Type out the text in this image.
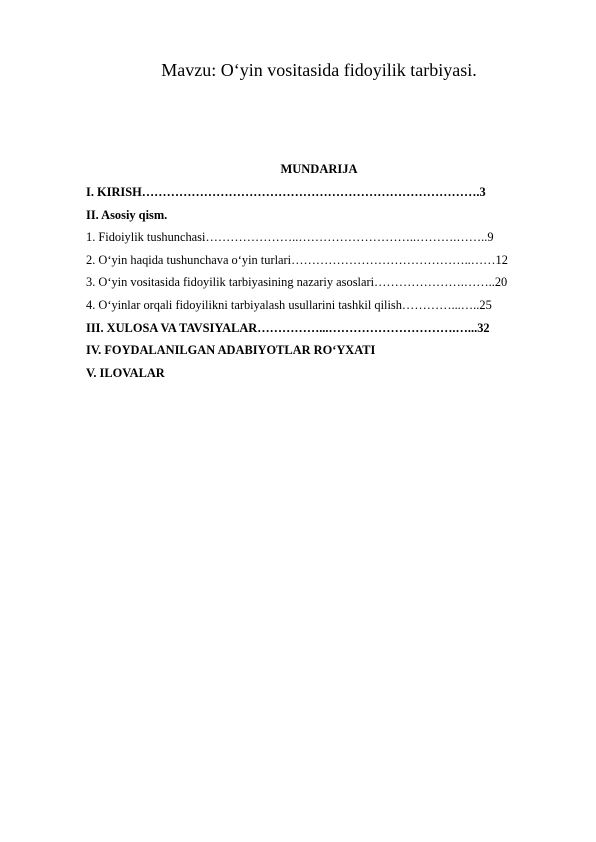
Mavzu: O‘yin vositasida fidoyilik tarbiyasi.
MUNDARIJA
I. KIRISH……………………………………………………………………….3
II. Asosiy qism.
1. Fidoiylik tushunchasi…………………..………………………..……….……..9
2. O‘yin haqida tushunchava o‘yin turlari……………………………………..……12
3. O‘yin vositasida fidoyilik tarbiyasining nazariy asoslari………………….……..20
4. O‘yinlar orqali fidoyilikni tarbiyalash usullarini tashkil qilish…………...…..25
III. XULOSA VA TAVSIYALAR……………...………………………….…...32
IV. FOYDALANILGAN ADABIYOTLAR RO‘YXATI
V. ILOVALAR
